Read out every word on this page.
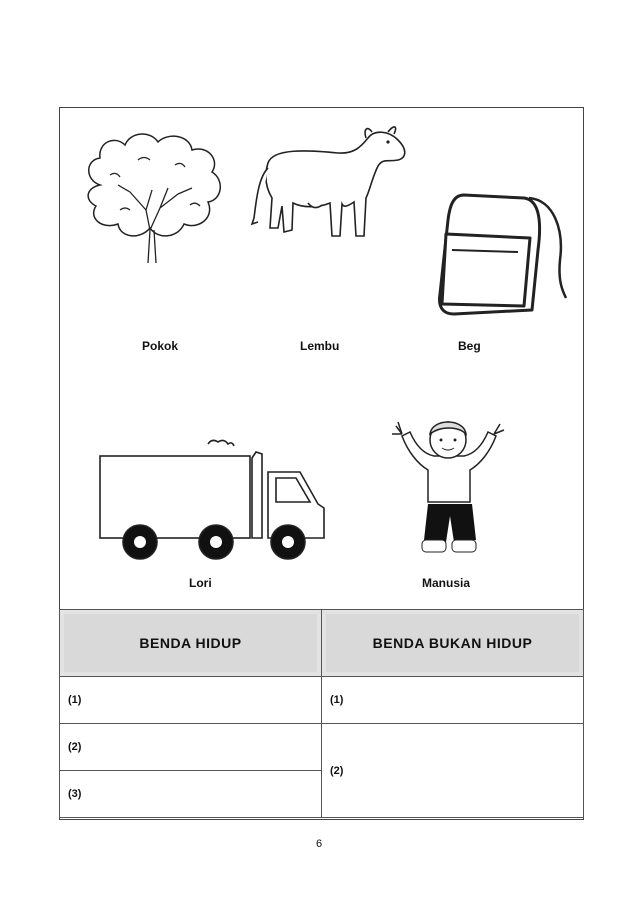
Pokok	Lembu	Beg
Lori	Manusia
BENDA HIDUP	BENDA BUKAN HIDUP
(1)	(1)
(2)	(2)
(3)	
6
